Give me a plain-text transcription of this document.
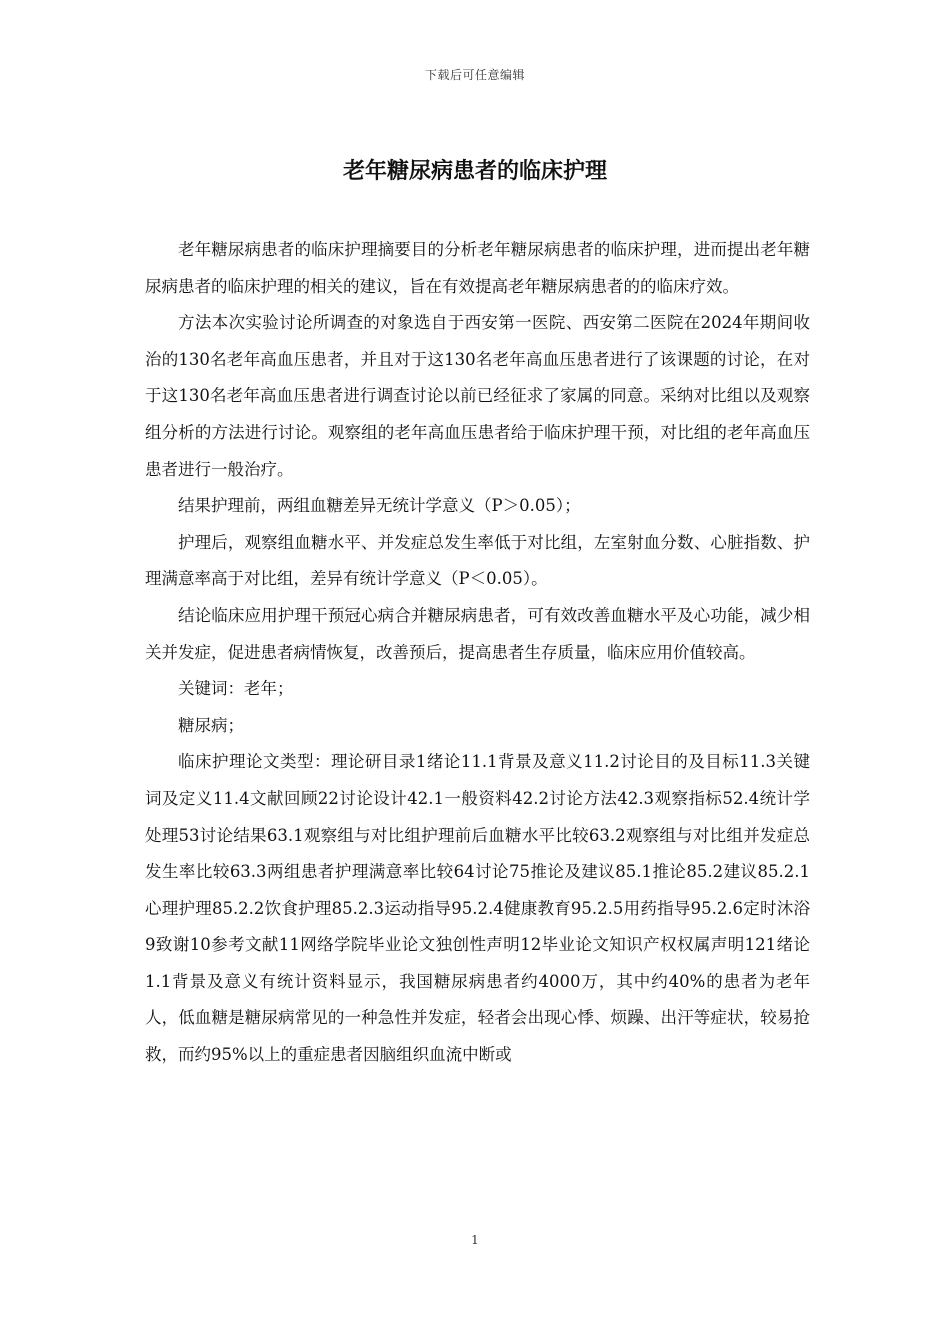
下载后可任意编辑
老年糖尿病患者的临床护理

老年糖尿病患者的临床护理摘要目的分析老年糖尿病患者的临床护理，进而提出老年糖尿病患者的临床护理的相关的建议，旨在有效提高老年糖尿病患者的的临床疗效。

方法本次实验讨论所调查的对象选自于西安第一医院、西安第二医院在2024年期间收治的130名老年高血压患者，并且对于这130名老年高血压患者进行了该课题的讨论，在对于这130名老年高血压患者进行调查讨论以前已经征求了家属的同意。采纳对比组以及观察组分析的方法进行讨论。观察组的老年高血压患者给于临床护理干预，对比组的老年高血压患者进行一般治疗。

结果护理前，两组血糖差异无统计学意义（P＞0.05）；

护理后，观察组血糖水平、并发症总发生率低于对比组，左室射血分数、心脏指数、护理满意率高于对比组，差异有统计学意义（P＜0.05）。

结论临床应用护理干预冠心病合并糖尿病患者，可有效改善血糖水平及心功能，减少相关并发症，促进患者病情恢复，改善预后，提高患者生存质量，临床应用价值较高。

关键词：老年；

糖尿病；

临床护理论文类型：理论研目录1绪论11.1背景及意义11.2讨论目的及目标11.3关键词及定义11.4文献回顾22讨论设计42.1一般资料42.2讨论方法42.3观察指标52.4统计学处理53讨论结果63.1观察组与对比组护理前后血糖水平比较63.2观察组与对比组并发症总发生率比较63.3两组患者护理满意率比较64讨论75推论及建议85.1推论85.2建议85.2.1心理护理85.2.2饮食护理85.2.3运动指导95.2.4健康教育95.2.5用药指导95.2.6定时沐浴9致谢10参考文献11网络学院毕业论文独创性声明12毕业论文知识产权权属声明121绪论1.1背景及意义有统计资料显示，我国糖尿病患者约4000万，其中约40%的患者为老年人，低血糖是糖尿病常见的一种急性并发症，轻者会出现心悸、烦躁、出汗等症状，较易抢救，而约95%以上的重症患者因脑组织血流中断或

1
